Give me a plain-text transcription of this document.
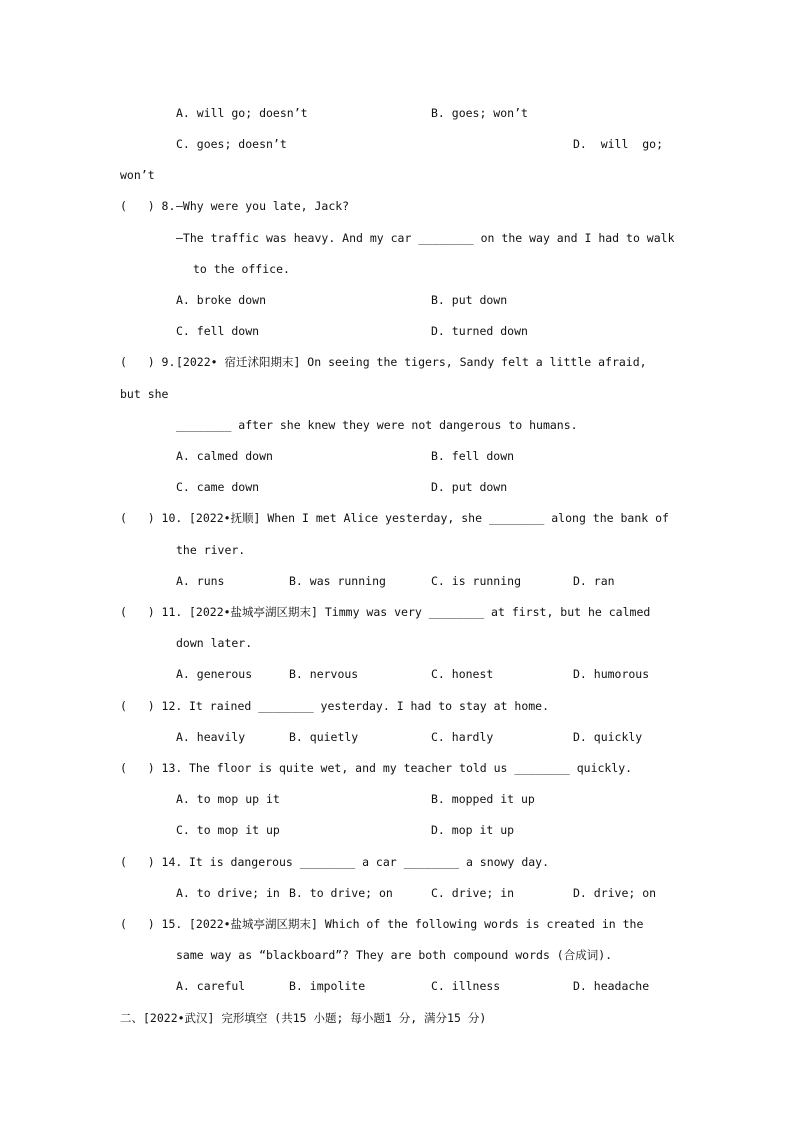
A. will go; doesn’t	B. goes; won’t
C. goes; doesn’t	D.  will  go;
won’t
(   ) 8. —Why were you late, Jack?
—The traffic was heavy. And my car ________ on the way and I had to walk
to the office.
A. broke down	B. put down
C. fell down	D. turned down
(   ) 9. [2022• 宿迁沭阳期末] On seeing the tigers, Sandy felt a little afraid,
but she
________ after she knew they were not dangerous to humans.
A. calmed down	B. fell down
C. came down	D. put down
(   ) 10. [2022•抚顺] When I met Alice yesterday, she ________ along the bank of
the river.
A. runs	B. was running	C. is running	D. ran
(   ) 11. [2022•盐城亭湖区期末] Timmy was very ________ at first, but he calmed
down later.
A. generous	B. nervous	C. honest	D. humorous
(   ) 12. It rained ________ yesterday. I had to stay at home.
A. heavily	B. quietly	C. hardly	D. quickly
(   ) 13. The floor is quite wet, and my teacher told us ________ quickly.
A. to mop up it	B. mopped it up
C. to mop it up	D. mop it up
(   ) 14. It is dangerous ________ a car ________ a snowy day.
A. to drive; in B. to drive; on	C. drive; in	D. drive; on
(   ) 15. [2022•盐城亭湖区期末] Which of the following words is created in the
same way as “blackboard”? They are both compound words (合成词).
A. careful	B. impolite	C. illness	D. headache
二、[2022•武汉] 完形填空 (共15 小题; 每小题1 分, 满分15 分)
